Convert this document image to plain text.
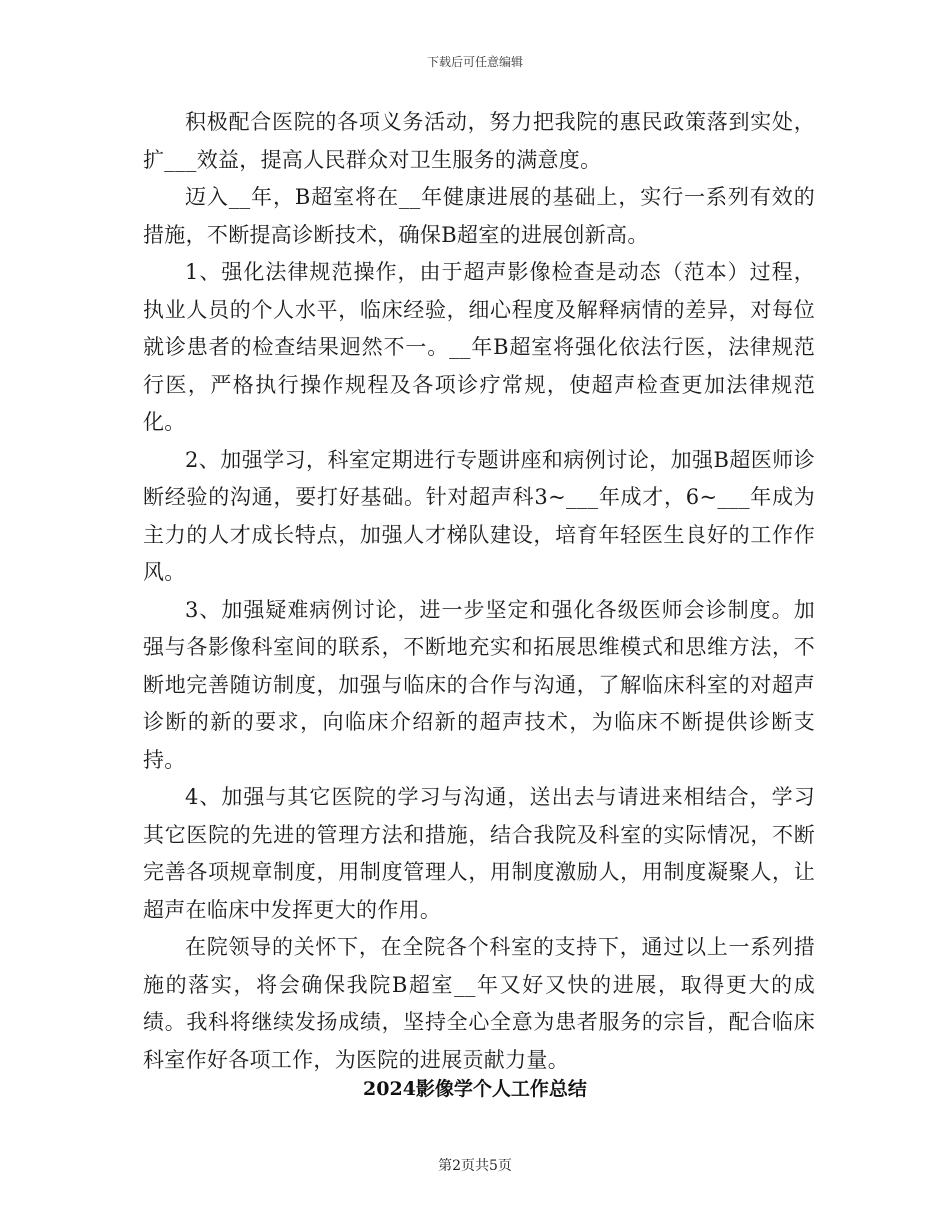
下载后可任意编辑

积极配合医院的各项义务活动，努力把我院的惠民政策落到实处，扩___效益，提高人民群众对卫生服务的满意度。

迈入__年，B超室将在__年健康进展的基础上，实行一系列有效的措施，不断提高诊断技术，确保B超室的进展创新高。

1、强化法律规范操作，由于超声影像检查是动态（范本）过程，执业人员的个人水平，临床经验，细心程度及解释病情的差异，对每位就诊患者的检查结果迥然不一。__年B超室将强化依法行医，法律规范行医，严格执行操作规程及各项诊疗常规，使超声检查更加法律规范化。

2、加强学习，科室定期进行专题讲座和病例讨论，加强B超医师诊断经验的沟通，要打好基础。针对超声科3~___年成才，6~___年成为主力的人才成长特点，加强人才梯队建设，培育年轻医生良好的工作作风。

3、加强疑难病例讨论，进一步坚定和强化各级医师会诊制度。加强与各影像科室间的联系，不断地充实和拓展思维模式和思维方法，不断地完善随访制度，加强与临床的合作与沟通，了解临床科室的对超声诊断的新的要求，向临床介绍新的超声技术，为临床不断提供诊断支持。

4、加强与其它医院的学习与沟通，送出去与请进来相结合，学习其它医院的先进的管理方法和措施，结合我院及科室的实际情况，不断完善各项规章制度，用制度管理人，用制度激励人，用制度凝聚人，让超声在临床中发挥更大的作用。

在院领导的关怀下，在全院各个科室的支持下，通过以上一系列措施的落实，将会确保我院B超室__年又好又快的进展，取得更大的成绩。我科将继续发扬成绩，坚持全心全意为患者服务的宗旨，配合临床科室作好各项工作，为医院的进展贡献力量。

2024影像学个人工作总结
第2页共5页
